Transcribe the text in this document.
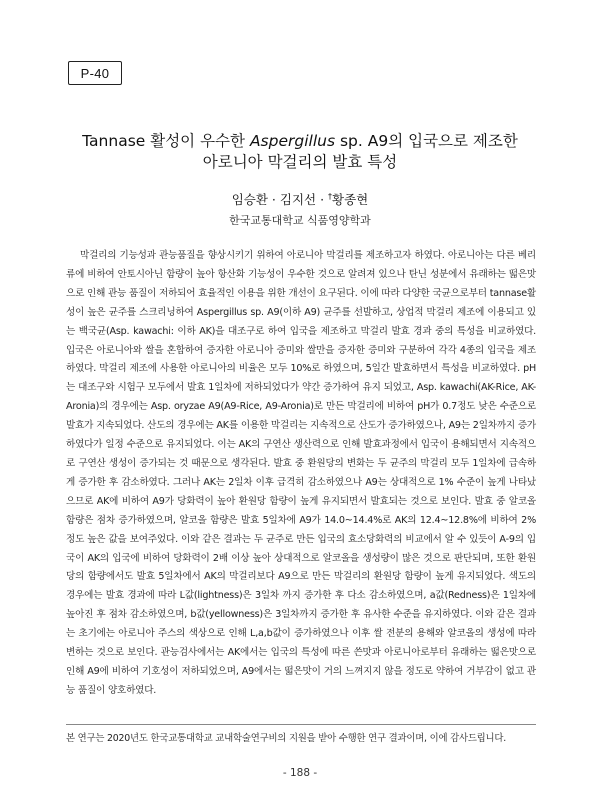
P-40
Tannase 활성이 우수한 Aspergillus sp. A9의 입국으로 제조한
아로니아 막걸리의 발효 특성
임승환 · 김지선 · †황종현
한국교통대학교 식품영양학과

막걸리의 기능성과 관능품질을 향상시키기 위하여 아로니아 막걸리를 제조하고자 하였다. 아로니아는 다른 베리류에 비하여 안토시아닌 함량이 높아 항산화 기능성이 우수한 것으로 알려져 있으나 탄닌 성분에서 유래하는 떫은맛으로 인해 관능 품질이 저하되어 효율적인 이용을 위한 개선이 요구된다. 이에 따라 다양한 국균으로부터 tannase활성이 높은 균주를 스크리닝하여 Aspergillus sp. A9(이하 A9) 균주를 선발하고, 상업적 막걸리 제조에 이용되고 있는 백국균(Asp. kawachi: 이하 AK)을 대조구로 하여 입국을 제조하고 막걸리 발효 경과 중의 특성을 비교하였다. 입국은 아로니아와 쌀을 혼합하여 증자한 아로니아 증미와 쌀만을 증자한 증미와 구분하여 각각 4종의 입국을 제조하였다. 막걸리 제조에 사용한 아로니아의 비율은 모두 10%로 하였으며, 5일간 발효하면서 특성을 비교하였다. pH는 대조구와 시험구 모두에서 발효 1일차에 저하되었다가 약간 증가하여 유지 되었고, Asp. kawachi(AK-Rice, AK-Aronia)의 경우에는 Asp. oryzae A9(A9-Rice, A9-Aronia)로 만든 막걸리에 비하여 pH가 0.7정도 낮은 수준으로 발효가 지속되었다. 산도의 경우에는 AK를 이용한 막걸리는 지속적으로 산도가 증가하였으나, A9는 2일차까지 증가하였다가 일정 수준으로 유지되었다. 이는 AK의 구연산 생산력으로 인해 발효과정에서 입국이 용해되면서 지속적으로 구연산 생성이 증가되는 것 때문으로 생각된다. 발효 중 환원당의 변화는 두 균주의 막걸리 모두 1일차에 급속하게 증가한 후 감소하였다. 그러나 AK는 2일차 이후 급격히 감소하였으나 A9는 상대적으로 1% 수준이 높게 나타났으므로 AK에 비하여 A9가 당화력이 높아 환원당 함량이 높게 유지되면서 발효되는 것으로 보인다. 발효 중 알코올 함량은 점차 증가하였으며, 알코올 함량은 발효 5일차에 A9가 14.0~14.4%로 AK의 12.4~12.8%에 비하여 2%정도 높은 값을 보여주었다. 이와 같은 결과는 두 균주로 만든 입국의 효소당화력의 비교에서 알 수 있듯이 A-9의 입국이 AK의 입국에 비하여 당화력이 2배 이상 높아 상대적으로 알코올을 생성량이 많은 것으로 판단되며, 또한 환원당의 함량에서도 발효 5일차에서 AK의 막걸리보다 A9으로 만든 막걸리의 환원당 함량이 높게 유지되었다. 색도의 경우에는 발효 경과에 따라 L값(lightness)은 3일차 까지 증가한 후 다소 감소하였으며, a값(Redness)은 1일차에 높아진 후 점차 감소하였으며, b값(yellowness)은 3일차까지 증가한 후 유사한 수준을 유지하였다. 이와 같은 결과는 초기에는 아로니아 주스의 색상으로 인해 L,a,b값이 증가하였으나 이후 쌀 전분의 용해와 알코올의 생성에 따라 변하는 것으로 보인다. 관능검사에서는 AK에서는 입국의 특성에 따른 쓴맛과 아로니아로부터 유래하는 떫은맛으로 인해 A9에 비하여 기호성이 저하되었으며, A9에서는 떫은맛이 거의 느껴지지 않을 정도로 약하여 거부감이 없고 관능 품질이 양호하였다.

본 연구는 2020년도 한국교통대학교 교내학술연구비의 지원을 받아 수행한 연구 결과이며, 이에 감사드립니다.
- 188 -
